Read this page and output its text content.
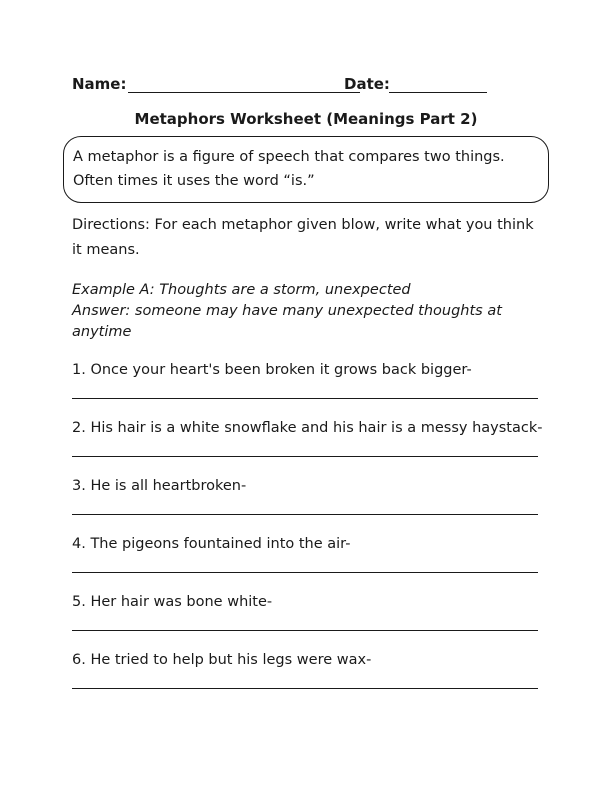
Name:	Date:
Metaphors Worksheet (Meanings Part 2)
A metaphor is a figure of speech that compares two things.
Often times it uses the word “is.”
Directions: For each metaphor given blow, write what you think
it means.
Example A: Thoughts are a storm, unexpected
Answer: someone may have many unexpected thoughts at
anytime
1. Once your heart's been broken it grows back bigger-
2. His hair is a white snowflake and his hair is a messy haystack-
3. He is all heartbroken-
4. The pigeons fountained into the air-
5. Her hair was bone white-
6. He tried to help but his legs were wax-
